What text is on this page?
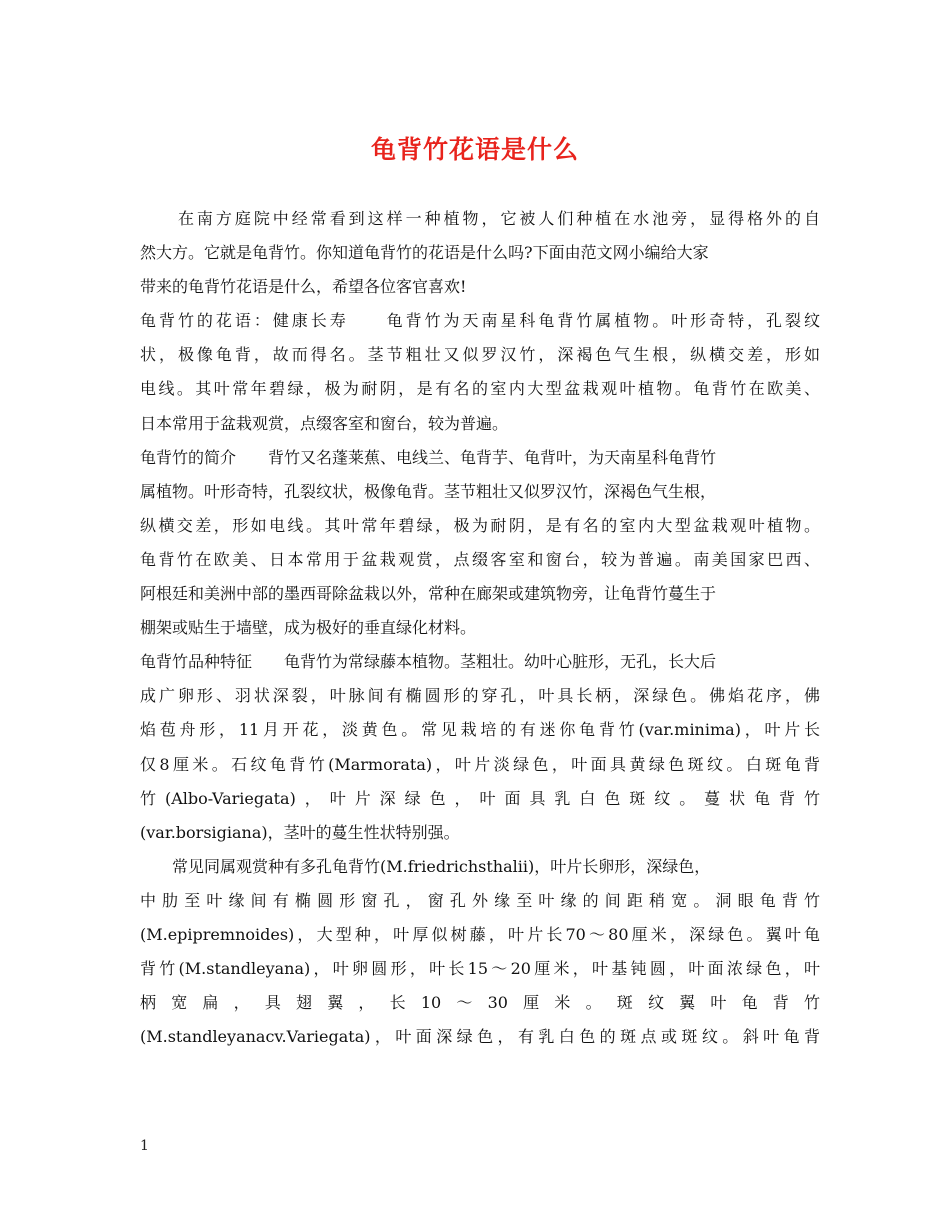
龟背竹花语是什么
　　在南方庭院中经常看到这样一种植物，它被人们种植在水池旁，显得格外的自
然大方。它就是龟背竹。你知道龟背竹的花语是什么吗?下面由范文网小编给大家
带来的龟背竹花语是什么，希望各位客官喜欢!
龟背竹的花语：健康长寿　　龟背竹为天南星科龟背竹属植物。叶形奇特，孔裂纹
状，极像龟背，故而得名。茎节粗壮又似罗汉竹，深褐色气生根，纵横交差，形如
电线。其叶常年碧绿，极为耐阴，是有名的室内大型盆栽观叶植物。龟背竹在欧美、
日本常用于盆栽观赏，点缀客室和窗台，较为普遍。
龟背竹的简介　　背竹又名蓬莱蕉、电线兰、龟背芋、龟背叶，为天南星科龟背竹
属植物。叶形奇特，孔裂纹状，极像龟背。茎节粗壮又似罗汉竹，深褐色气生根，
纵横交差，形如电线。其叶常年碧绿，极为耐阴，是有名的室内大型盆栽观叶植物。
龟背竹在欧美、日本常用于盆栽观赏，点缀客室和窗台，较为普遍。南美国家巴西、
阿根廷和美洲中部的墨西哥除盆栽以外，常种在廊架或建筑物旁，让龟背竹蔓生于
棚架或贴生于墙壁，成为极好的垂直绿化材料。
龟背竹品种特征　　龟背竹为常绿藤本植物。茎粗壮。幼叶心脏形，无孔，长大后
成广卵形、羽状深裂，叶脉间有椭圆形的穿孔，叶具长柄，深绿色。佛焰花序，佛
焰苞舟形，11月开花，淡黄色。常见栽培的有迷你龟背竹(var.minima)，叶片长
仅8厘米。石纹龟背竹(Marmorata)，叶片淡绿色，叶面具黄绿色斑纹。白斑龟背
竹(Albo-Variegata)，叶片深绿色，叶面具乳白色斑纹。蔓状龟背竹
(var.borsigiana)，茎叶的蔓生性状特别强。
　　常见同属观赏种有多孔龟背竹(M.friedrichsthalii)，叶片长卵形，深绿色，
中肋至叶缘间有椭圆形窗孔，窗孔外缘至叶缘的间距稍宽。洞眼龟背竹
(M.epipremnoides)，大型种，叶厚似树藤，叶片长70～80厘米，深绿色。翼叶龟
背竹(M.standleyana)，叶卵圆形，叶长15～20厘米，叶基钝圆，叶面浓绿色，叶
柄宽扁，具翅翼，长10～30厘米。斑纹翼叶龟背竹
(M.standleyanacv.Variegata)，叶面深绿色，有乳白色的斑点或斑纹。斜叶龟背
1
